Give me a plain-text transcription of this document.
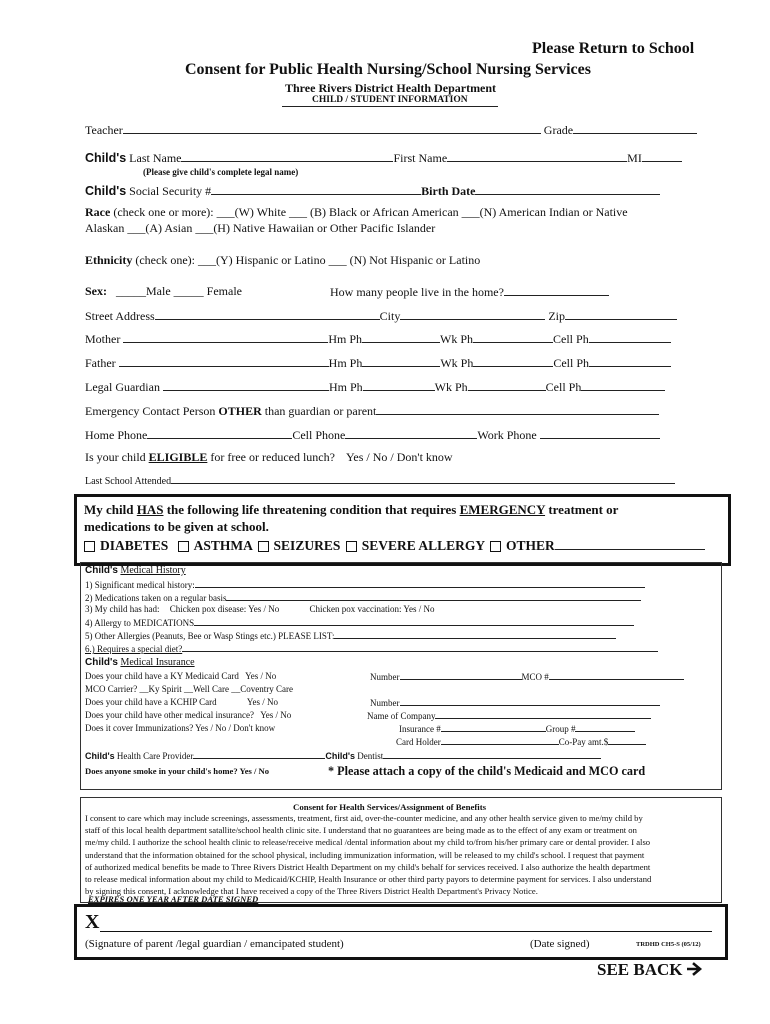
Please Return to School
Consent for Public Health Nursing/School Nursing Services
Three Rivers District Health Department
CHILD / STUDENT INFORMATION
Teacher	Grade
Child's Last Name	First Name	MI
(Please give child's complete legal name)
Child's Social Security #	Birth Date
Race (check one or more): ___(W) White ___ (B) Black or African American ___(N) American Indian or Native
Alaskan ___(A) Asian ___(H) Native Hawaiian or Other Pacific Islander
Ethnicity (check one): ___(Y) Hispanic or Latino ___ (N) Not Hispanic or Latino
Sex: _____Male _____ Female	How many people live in the home?
Street Address	City	Zip
Mother	Hm Ph	Wk Ph	Cell Ph
Father	Hm Ph	Wk Ph	Cell Ph
Legal Guardian	Hm Ph	Wk Ph	Cell Ph
Emergency Contact Person OTHER than guardian or parent
Home Phone	Cell Phone	Work Phone
Is your child ELIGIBLE for free or reduced lunch? Yes / No / Don't know
Last School Attended
My child HAS the following life threatening condition that requires EMERGENCY treatment or
medications to be given at school.
DIABETES ASTHMA SEIZURES SEVERE ALLERGY OTHER
Child's Medical History
1) Significant medical history:
2) Medications taken on a regular basis
3) My child has had: Chicken pox disease: Yes / No	Chicken pox vaccination: Yes / No
4) Allergy to MEDICATIONS
5) Other Allergies (Peanuts, Bee or Wasp Stings etc.) PLEASE LIST:
6.) Requires a special diet?
Child's Medical Insurance
Does your child have a KY Medicaid Card Yes / No	Number	MCO #
MCO Carrier? __Ky Spirit __Well Care __Coventry Care
Does your child have a KCHIP Card	Yes / No	Number
Does your child have other medical insurance? Yes / No	Name of Company
Does it cover Immunizations? Yes / No / Don't know	Insurance #	Group #
Card Holder	Co-Pay amt.$
Child's Health Care Provider	Child's Dentist
Does anyone smoke in your child's home? Yes / No	* Please attach a copy of the child's Medicaid and MCO card
Consent for Health Services/Assignment of Benefits
I consent to care which may include screenings, assessments, treatment, first aid, over-the-counter medicine, and any other health service given to me/my child by
staff of this local health department satallite/school health clinic site. I understand that no guarantees are being made as to the effect of any exam or treatment on
me/my child. I authorize the school health clinic to release/receive medical /dental information about my child to/from his/her primary care or dental provider. I also
understand that the information obtained for the school physical, including immunization information, will be released to my child's school. I request that payment
of authorized medical benefits be made to Three Rivers District Health Department on my child's behalf for services received. I also authorize the health department
to release medical information about my child to Medicaid/KCHIP, Health Insurance or other third party payors to determine payment for services. I also understand
by signing this consent, I acknowledge that I have received a copy of the Three Rivers District Health Department's Privacy Notice.
EXPIRES ONE YEAR AFTER DATE SIGNED
X
(Signature of parent /legal guardian / emancipated student)	(Date signed)	TRDHD CH5-S (05/12)
SEE BACK
